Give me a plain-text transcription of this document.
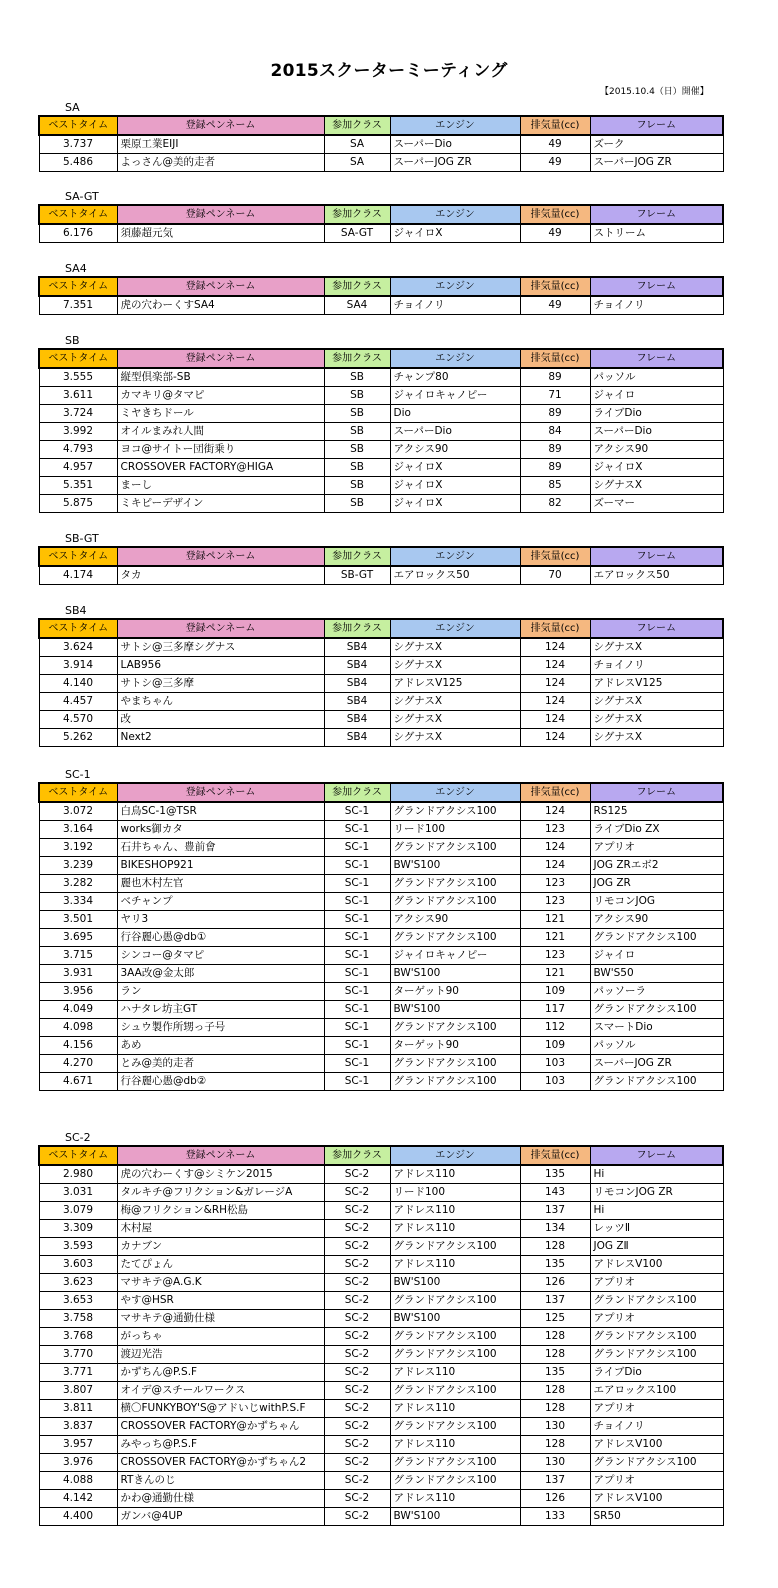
2015スクーターミーティング
【2015.10.4（日）開催】
SA
ベストタイム	登録ペンネーム	参加クラス	エンジン	排気量(cc)	フレーム
3.737	栗原工業EIJI	SA	スーパーDio	49	ズーク
5.486	よっさん@美的走者	SA	スーパーJOG ZR	49	スーパーJOG ZR
SA-GT
ベストタイム	登録ペンネーム	参加クラス	エンジン	排気量(cc)	フレーム
6.176	須藤超元気	SA-GT	ジャイロX	49	ストリーム
SA4
ベストタイム	登録ペンネーム	参加クラス	エンジン	排気量(cc)	フレーム
7.351	虎の穴わーくすSA4	SA4	チョイノリ	49	チョイノリ
SB
ベストタイム	登録ペンネーム	参加クラス	エンジン	排気量(cc)	フレーム
3.555	縦型倶楽部-SB	SB	チャンプ80	89	パッソル
3.611	カマキリ@タマピ	SB	ジャイロキャノピー	71	ジャイロ
3.724	ミヤきちドール	SB	Dio	89	ライブDio
3.992	オイルまみれ人間	SB	スーパーDio	84	スーパーDio
4.793	ヨコ@サイトー団街乗り	SB	アクシス90	89	アクシス90
4.957	CROSSOVER FACTORY@HIGA	SB	ジャイロX	89	ジャイロX
5.351	まーし	SB	ジャイロX	85	シグナスX
5.875	ミキピーデザイン	SB	ジャイロX	82	ズーマー
SB-GT
ベストタイム	登録ペンネーム	参加クラス	エンジン	排気量(cc)	フレーム
4.174	タカ	SB-GT	エアロックス50	70	エアロックス50
SB4
ベストタイム	登録ペンネーム	参加クラス	エンジン	排気量(cc)	フレーム
3.624	サトシ@三多摩シグナス	SB4	シグナスX	124	シグナスX
3.914	LAB956	SB4	シグナスX	124	チョイノリ
4.140	サトシ@三多摩	SB4	アドレスV125	124	アドレスV125
4.457	やまちゃん	SB4	シグナスX	124	シグナスX
4.570	改	SB4	シグナスX	124	シグナスX
5.262	Next2	SB4	シグナスX	124	シグナスX
SC-1
ベストタイム	登録ペンネーム	参加クラス	エンジン	排気量(cc)	フレーム
3.072	白鳥SC-1@TSR	SC-1	グランドアクシス100	124	RS125
3.164	works御カタ	SC-1	リード100	123	ライブDio ZX
3.192	石井ちゃん、豊前會	SC-1	グランドアクシス100	124	アプリオ
3.239	BIKESHOP921	SC-1	BW'S100	124	JOG ZRエボ2
3.282	麗也木村左官	SC-1	グランドアクシス100	123	JOG ZR
3.334	ベチャンプ	SC-1	グランドアクシス100	123	リモコンJOG
3.501	ヤリ3	SC-1	アクシス90	121	アクシス90
3.695	行谷麗心愚@db①	SC-1	グランドアクシス100	121	グランドアクシス100
3.715	シンコー@タマピ	SC-1	ジャイロキャノピー	123	ジャイロ
3.931	3AA改@金太郎	SC-1	BW'S100	121	BW'S50
3.956	ラン	SC-1	ターゲット90	109	パッソーラ
4.049	ハナタレ坊主GT	SC-1	BW'S100	117	グランドアクシス100
4.098	シュウ製作所甥っ子号	SC-1	グランドアクシス100	112	スマートDio
4.156	あめ	SC-1	ターゲット90	109	パッソル
4.270	とみ@美的走者	SC-1	グランドアクシス100	103	スーパーJOG ZR
4.671	行谷麗心愚@db②	SC-1	グランドアクシス100	103	グランドアクシス100
SC-2
ベストタイム	登録ペンネーム	参加クラス	エンジン	排気量(cc)	フレーム
2.980	虎の穴わーくす@シミケン2015	SC-2	アドレス110	135	Hi
3.031	タルキチ@フリクション&ガレージA	SC-2	リード100	143	リモコンJOG ZR
3.079	梅@フリクション&RH松島	SC-2	アドレス110	137	Hi
3.309	木村屋	SC-2	アドレス110	134	レッツⅡ
3.593	カナブン	SC-2	グランドアクシス100	128	JOG ZⅡ
3.603	たてぴょん	SC-2	アドレス110	135	アドレスV100
3.623	マサキテ@A.G.K	SC-2	BW'S100	126	アプリオ
3.653	やす@HSR	SC-2	グランドアクシス100	137	グランドアクシス100
3.758	マサキテ@通勤仕様	SC-2	BW'S100	125	アプリオ
3.768	がっちゃ	SC-2	グランドアクシス100	128	グランドアクシス100
3.770	渡辺光浩	SC-2	グランドアクシス100	128	グランドアクシス100
3.771	かずちん@P.S.F	SC-2	アドレス110	135	ライブDio
3.807	オイデ@スチールワークス	SC-2	グランドアクシス100	128	エアロックス100
3.811	横〇FUNKYBOY'S@アドいじwithP.S.F	SC-2	アドレス110	128	アプリオ
3.837	CROSSOVER FACTORY@かずちゃん	SC-2	グランドアクシス100	130	チョイノリ
3.957	みやっち@P.S.F	SC-2	アドレス110	128	アドレスV100
3.976	CROSSOVER FACTORY@かずちゃん2	SC-2	グランドアクシス100	130	グランドアクシス100
4.088	RTきんのじ	SC-2	グランドアクシス100	137	アプリオ
4.142	かわ@通勤仕様	SC-2	アドレス110	126	アドレスV100
4.400	ガンバ@4UP	SC-2	BW'S100	133	SR50
